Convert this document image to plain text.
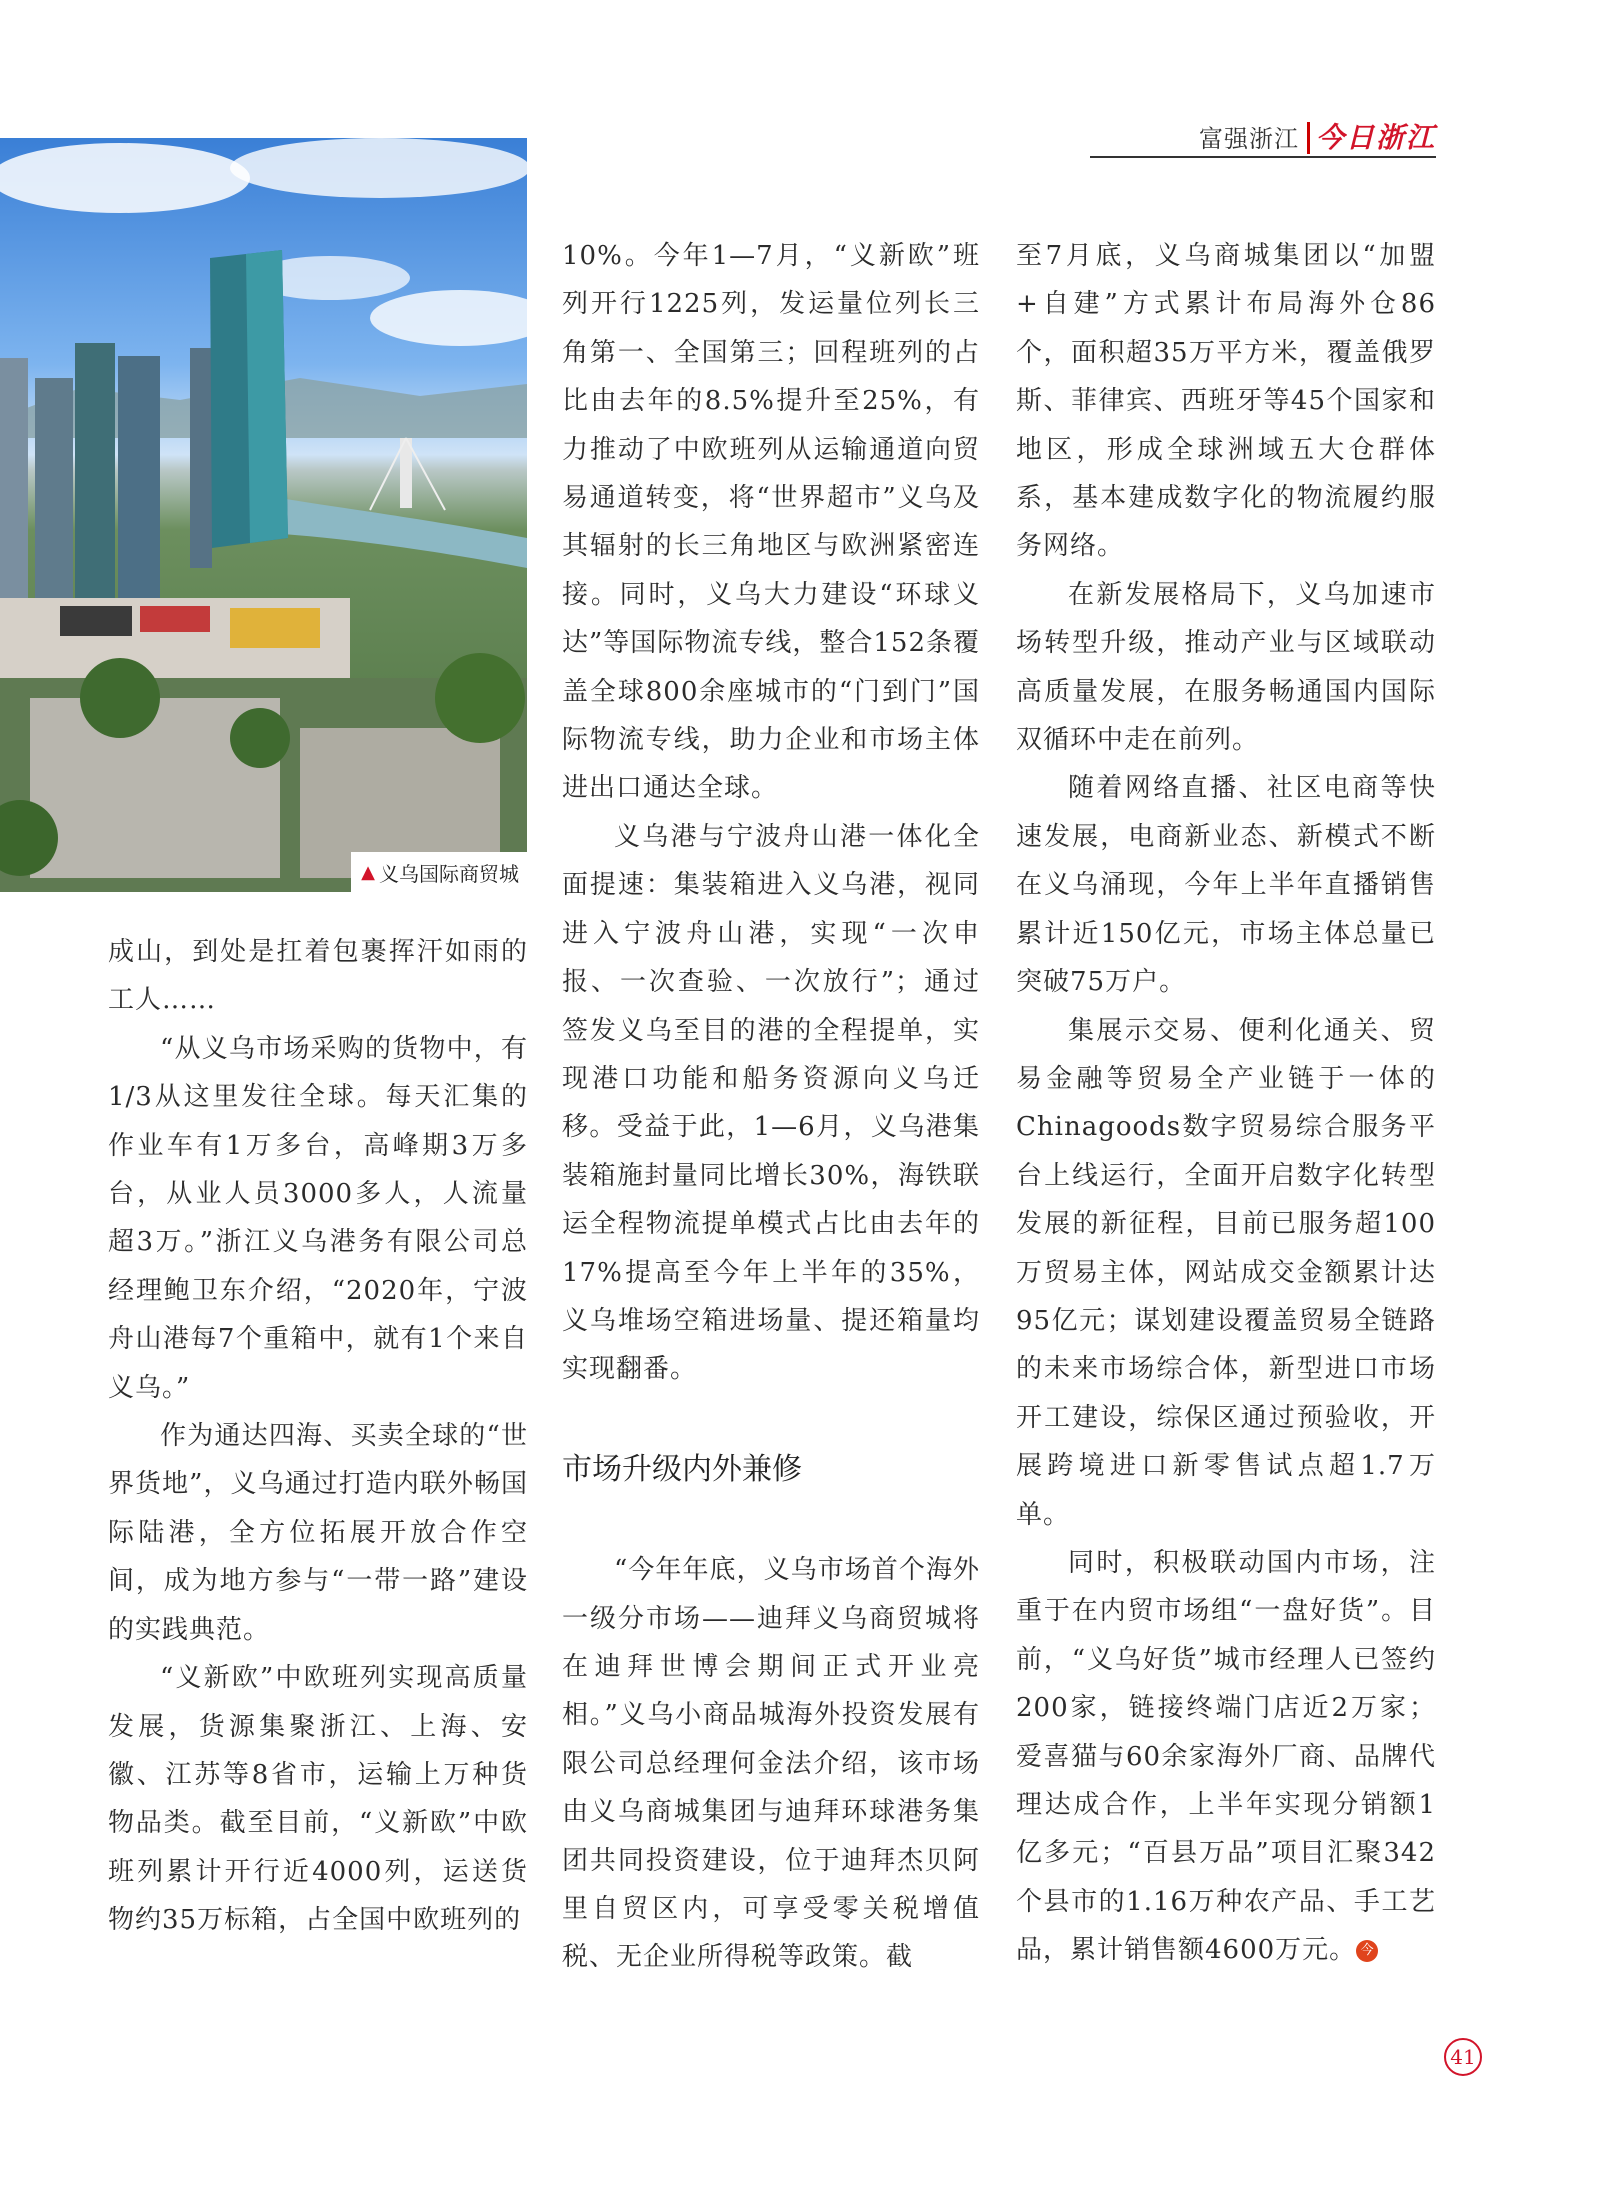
富强浙江 今日浙江
▲ 义乌国际商贸城

成山，到处是扛着包裹挥汗如雨的工人……

“从义乌市场采购的货物中，有1/3从这里发往全球。每天汇集的作业车有1万多台，高峰期3万多台，从业人员3000多人，人流量超3万。”浙江义乌港务有限公司总经理鲍卫东介绍，“2020年，宁波舟山港每7个重箱中，就有1个来自义乌。”

作为通达四海、买卖全球的“世界货地”，义乌通过打造内联外畅国际陆港，全方位拓展开放合作空间，成为地方参与“一带一路”建设的实践典范。

“义新欧”中欧班列实现高质量发展，货源集聚浙江、上海、安徽、江苏等8省市，运输上万种货物品类。截至目前，“义新欧”中欧班列累计开行近4000列，运送货物约35万标箱，占全国中欧班列的

10%。今年1—7月，“义新欧”班列开行1225列，发运量位列长三角第一、全国第三；回程班列的占比由去年的8.5%提升至25%，有力推动了中欧班列从运输通道向贸易通道转变，将“世界超市”义乌及其辐射的长三角地区与欧洲紧密连接。同时，义乌大力建设“环球义达”等国际物流专线，整合152条覆盖全球800余座城市的“门到门”国际物流专线，助力企业和市场主体进出口通达全球。

义乌港与宁波舟山港一体化全面提速：集装箱进入义乌港，视同进入宁波舟山港，实现“一次申报、一次查验、一次放行”；通过签发义乌至目的港的全程提单，实现港口功能和船务资源向义乌迁移。受益于此，1—6月，义乌港集装箱施封量同比增长30%，海铁联运全程物流提单模式占比由去年的17%提高至今年上半年的35%，义乌堆场空箱进场量、提还箱量均实现翻番。

市场升级内外兼修

“今年年底，义乌市场首个海外一级分市场——迪拜义乌商贸城将在迪拜世博会期间正式开业亮相。”义乌小商品城海外投资发展有限公司总经理何金法介绍，该市场由义乌商城集团与迪拜环球港务集团共同投资建设，位于迪拜杰贝阿里自贸区内，可享受零关税增值税、无企业所得税等政策。截

至7月底，义乌商城集团以“加盟+自建”方式累计布局海外仓86个，面积超35万平方米，覆盖俄罗斯、菲律宾、西班牙等45个国家和地区，形成全球洲域五大仓群体系，基本建成数字化的物流履约服务网络。

在新发展格局下，义乌加速市场转型升级，推动产业与区域联动高质量发展，在服务畅通国内国际双循环中走在前列。

随着网络直播、社区电商等快速发展，电商新业态、新模式不断在义乌涌现，今年上半年直播销售累计近150亿元，市场主体总量已突破75万户。

集展示交易、便利化通关、贸易金融等贸易全产业链于一体的Chinagoods数字贸易综合服务平台上线运行，全面开启数字化转型发展的新征程，目前已服务超100万贸易主体，网站成交金额累计达95亿元；谋划建设覆盖贸易全链路的未来市场综合体，新型进口市场开工建设，综保区通过预验收，开展跨境进口新零售试点超1.7万单。

同时，积极联动国内市场，注重于在内贸市场组“一盘好货”。目前，“义乌好货”城市经理人已签约200家，链接终端门店近2万家；爱喜猫与60余家海外厂商、品牌代理达成合作，上半年实现分销额1亿多元；“百县万品”项目汇聚342个县市的1.16万种农产品、手工艺品，累计销售额4600万元。 今

41
